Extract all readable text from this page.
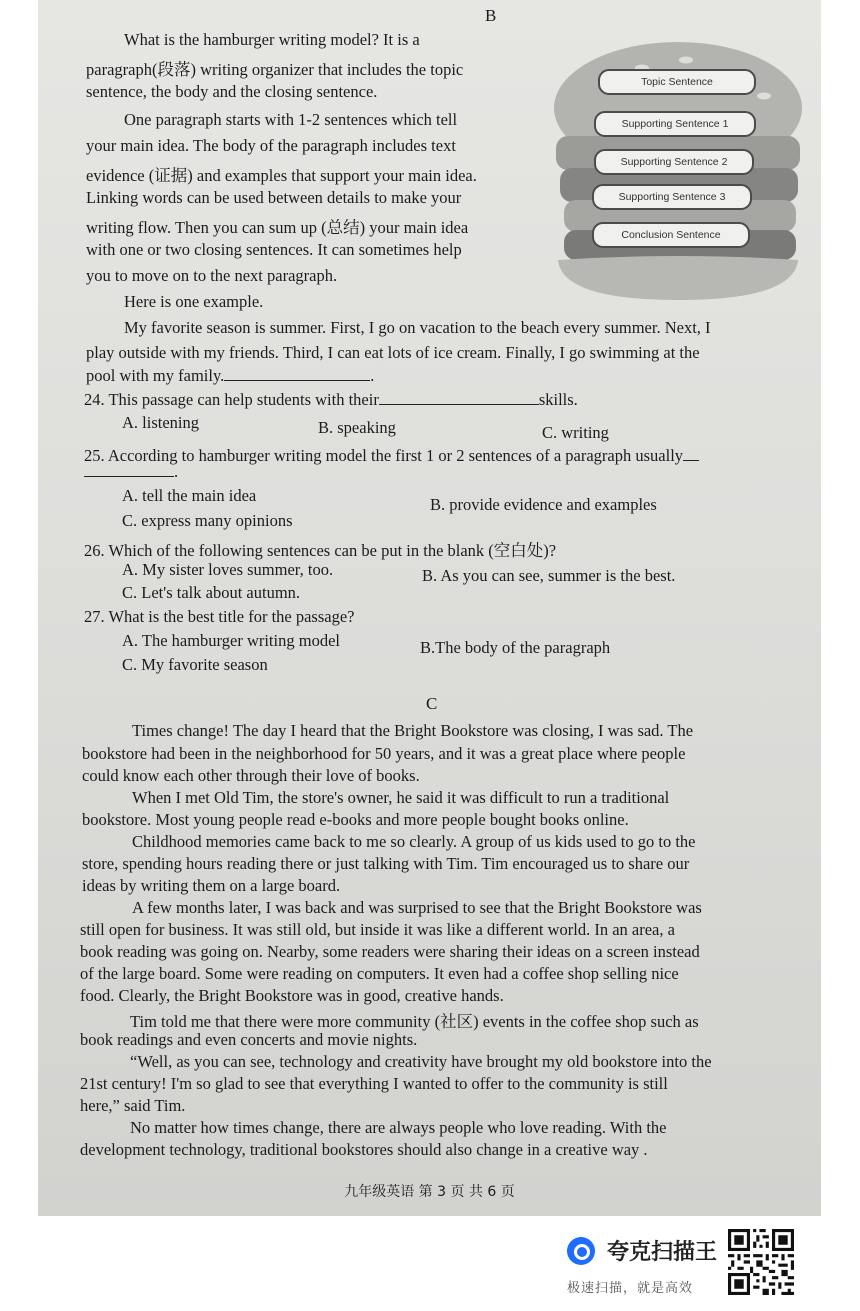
B
What is the hamburger writing model? It is a
paragraph(段落) writing organizer that includes the topic
sentence, the body and the closing sentence.
One paragraph starts with 1-2 sentences which tell
your main idea. The body of the paragraph includes text
evidence (证据) and examples that support your main idea.
Linking words can be used between details to make your
writing flow. Then you can sum up (总结) your main idea
with one or two closing sentences. It can sometimes help
you to move on to the next paragraph.
Here is one example.
My favorite season is summer. First, I go on vacation to the beach every summer. Next, I
play outside with my friends. Third, I can eat lots of ice cream. Finally, I go swimming at the
pool with my family.	.
Topic Sentence
Supporting Sentence 1
Supporting Sentence 2
Supporting Sentence 3
Conclusion Sentence
24. This passage can help students with their	skills.
A. listening	B. speaking	C. writing
25. According to hamburger writing model the first 1 or 2 sentences of a paragraph usually
.
A. tell the main idea	B. provide evidence and examples
C. express many opinions
26. Which of the following sentences can be put in the blank (空白处)?
A. My sister loves summer, too.	B. As you can see, summer is the best.
C. Let's talk about autumn.
27. What is the best title for the passage?
A. The hamburger writing model	B.The body of the paragraph
C. My favorite season
C
Times change! The day I heard that the Bright Bookstore was closing, I was sad. The
bookstore had been in the neighborhood for 50 years, and it was a great place where people
could know each other through their love of books.
When I met Old Tim, the store's owner, he said it was difficult to run a traditional
bookstore. Most young people read e-books and more people bought books online.
Childhood memories came back to me so clearly. A group of us kids used to go to the
store, spending hours reading there or just talking with Tim. Tim encouraged us to share our
ideas by writing them on a large board.
A few months later, I was back and was surprised to see that the Bright Bookstore was
still open for business. It was still old, but inside it was like a different world. In an area, a
book reading was going on. Nearby, some readers were sharing their ideas on a screen instead
of the large board. Some were reading on computers. It even had a coffee shop selling nice
food. Clearly, the Bright Bookstore was in good, creative hands.
Tim told me that there were more community (社区) events in the coffee shop such as
book readings and even concerts and movie nights.
“Well, as you can see, technology and creativity have brought my old bookstore into the
21st century! I'm so glad to see that everything I wanted to offer to the community is still
here,” said Tim.
No matter how times change, there are always people who love reading. With the
development technology, traditional bookstores should also change in a creative way .
九年级英语 第 3 页 共 6 页
夸克扫描王
极速扫描，就是高效
